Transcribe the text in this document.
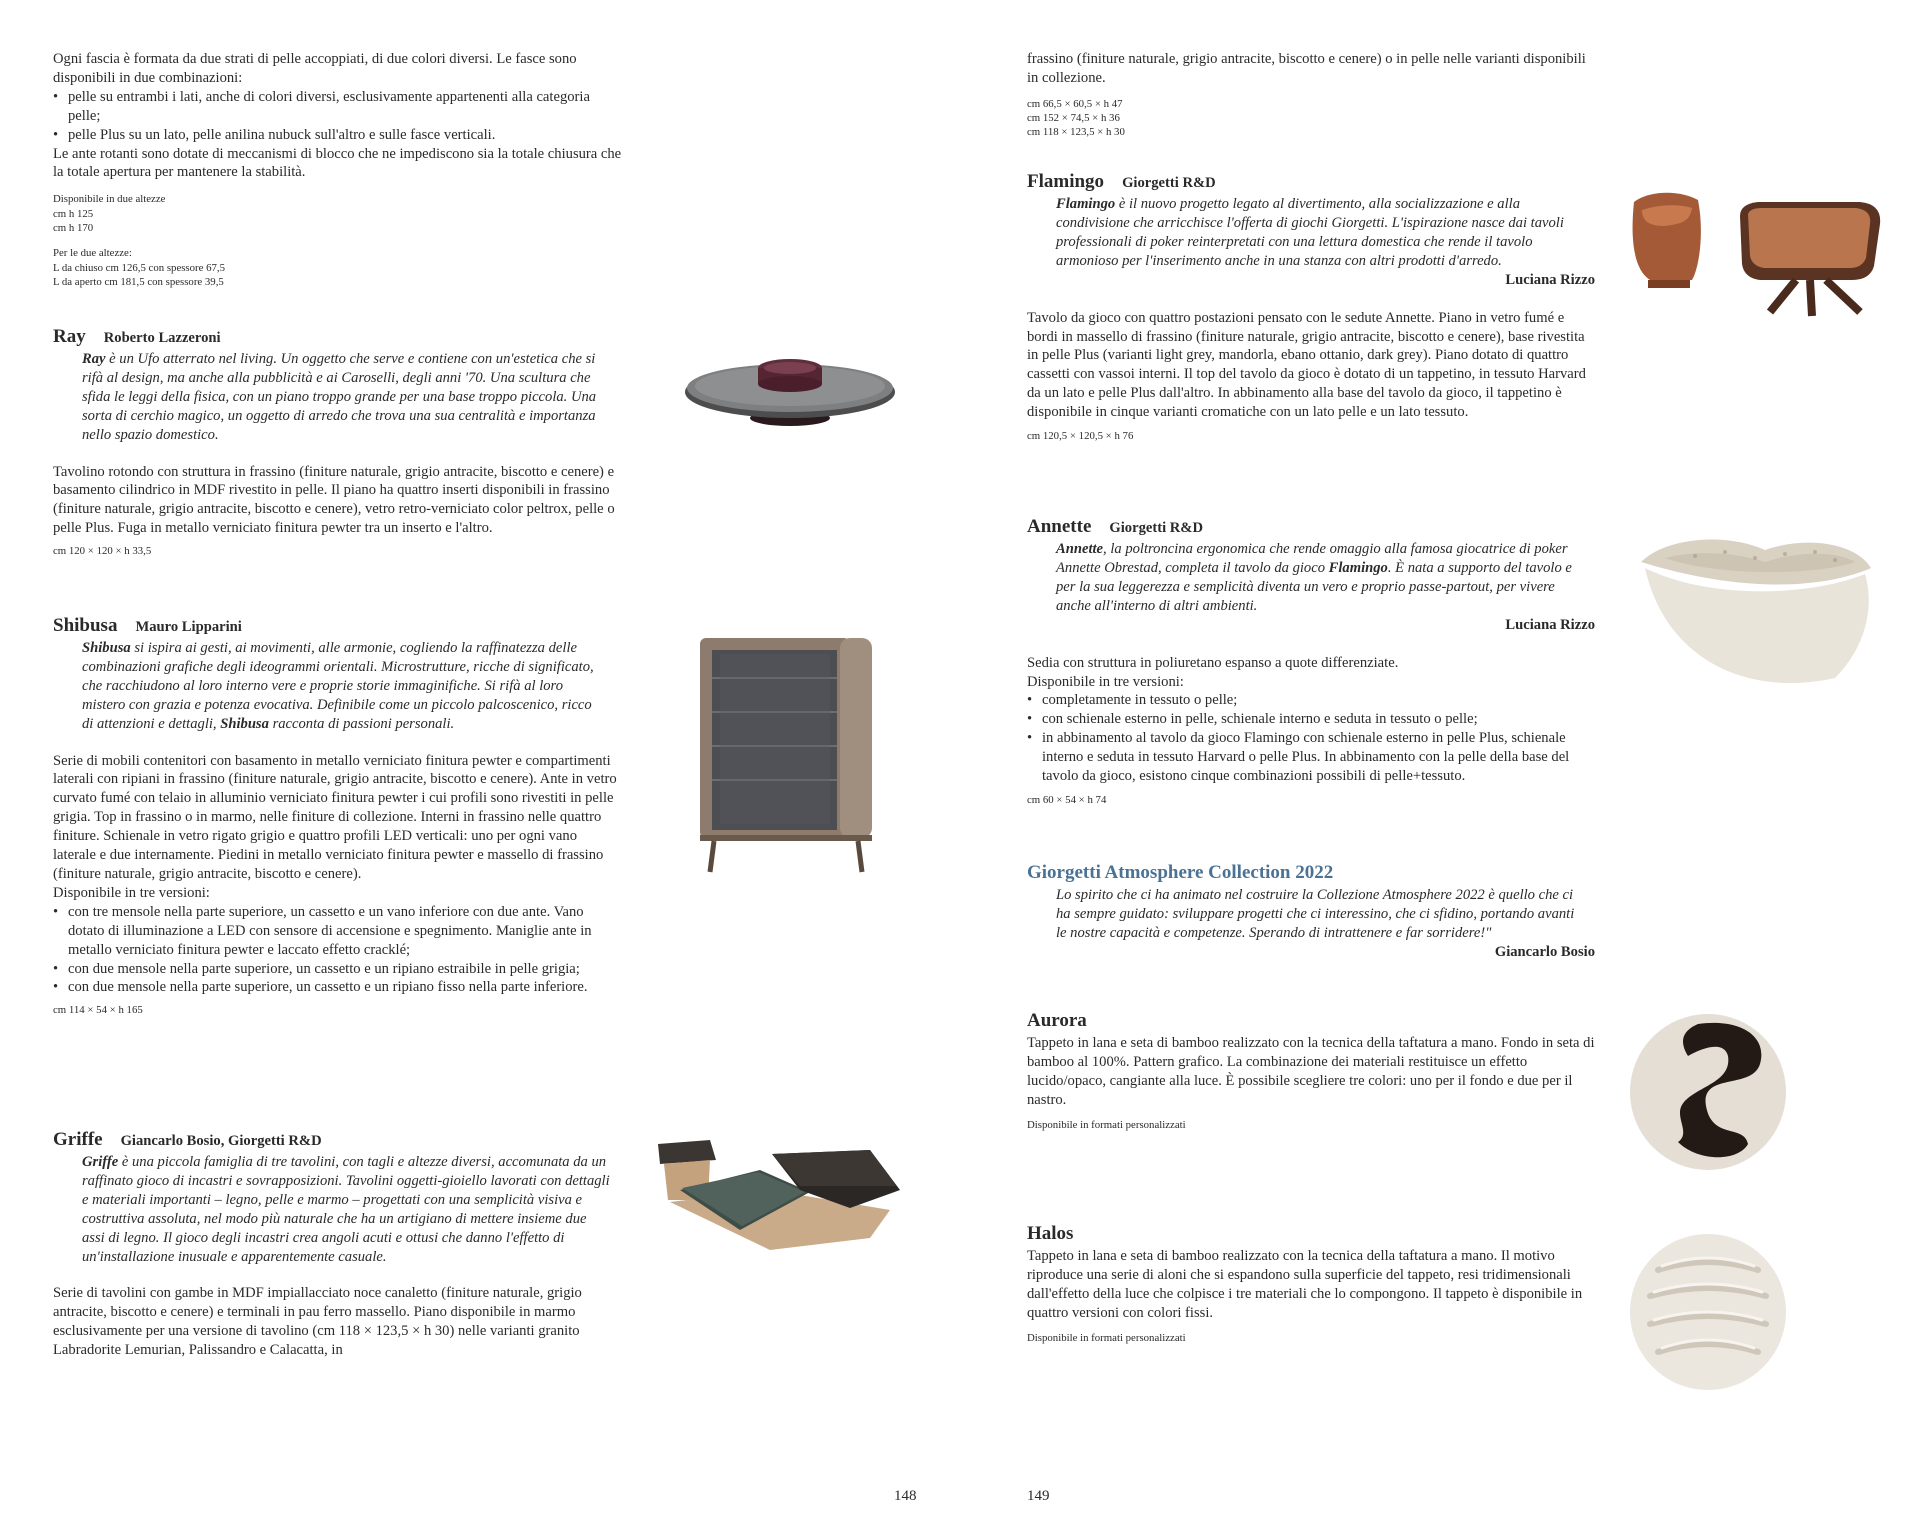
Ogni fascia è formata da due strati di pelle accoppiati, di due colori diversi. Le fasce sono disponibili in due combinazioni:

• pelle su entrambi i lati, anche di colori diversi, esclusivamente appartenenti alla categoria pelle;
• pelle Plus su un lato, pelle anilina nubuck sull'altro e sulle fasce verticali.

Le ante rotanti sono dotate di meccanismi di blocco che ne impediscono sia la totale chiusura che la totale apertura per mantenere la stabilità.

Disponibile in due altezze
cm h 125
cm h 170
Per le due altezze:
L da chiuso cm 126,5 con spessore 67,5
L da aperto cm 181,5 con spessore 39,5
Ray Roberto Lazzeroni

Ray è un Ufo atterrato nel living. Un oggetto che serve e contiene con un'estetica che si rifà al design, ma anche alla pubblicità e ai Caroselli, degli anni '70. Una scultura che sfida le leggi della fisica, con un piano troppo grande per una base troppo piccola. Una sorta di cerchio magico, un oggetto di arredo che trova una sua centralità e importanza nello spazio domestico.

Tavolino rotondo con struttura in frassino (finiture naturale, grigio antracite, biscotto e cenere) e basamento cilindrico in MDF rivestito in pelle. Il piano ha quattro inserti disponibili in frassino (finiture naturale, grigio antracite, biscotto e cenere), vetro retro-verniciato color peltrox, pelle o pelle Plus. Fuga in metallo verniciato finitura pewter tra un inserto e l'altro.

cm 120 × 120 × h 33,5
Shibusa Mauro Lipparini

Shibusa si ispira ai gesti, ai movimenti, alle armonie, cogliendo la raffinatezza delle combinazioni grafiche degli ideogrammi orientali. Microstrutture, ricche di significato, che racchiudono al loro interno vere e proprie storie immaginifiche. Si rifà al loro mistero con grazia e potenza evocativa. Definibile come un piccolo palcoscenico, ricco di attenzioni e dettagli, Shibusa racconta di passioni personali.

Serie di mobili contenitori con basamento in metallo verniciato finitura pewter e compartimenti laterali con ripiani in frassino (finiture naturale, grigio antracite, biscotto e cenere). Ante in vetro curvato fumé con telaio in alluminio verniciato finitura pewter i cui profili sono rivestiti in pelle grigia. Top in frassino o in marmo, nelle finiture di collezione. Interni in frassino nelle quattro finiture. Schienale in vetro rigato grigio e quattro profili LED verticali: uno per ogni vano laterale e due internamente. Piedini in metallo verniciato finitura pewter e massello di frassino (finiture naturale, grigio antracite, biscotto e cenere).

Disponibile in tre versioni:

• con tre mensole nella parte superiore, un cassetto e un vano inferiore con due ante. Vano dotato di illuminazione a LED con sensore di accensione e spegnimento. Maniglie ante in metallo verniciato finitura pewter e laccato effetto cracklé;
• con due mensole nella parte superiore, un cassetto e un ripiano estraibile in pelle grigia;
• con due mensole nella parte superiore, un cassetto e un ripiano fisso nella parte inferiore.
cm 114 × 54 × h 165
Griffe Giancarlo Bosio, Giorgetti R&D

Griffe è una piccola famiglia di tre tavolini, con tagli e altezze diversi, accomunata da un raffinato gioco di incastri e sovrapposizioni. Tavolini oggetti-gioiello lavorati con dettagli e materiali importanti – legno, pelle e marmo – progettati con una semplicità visiva e costruttiva assoluta, nel modo più naturale che ha un artigiano di mettere insieme due assi di legno. Il gioco degli incastri crea angoli acuti e ottusi che danno l'effetto di un'installazione inusuale e apparentemente casuale.

Serie di tavolini con gambe in MDF impiallacciato noce canaletto (finiture naturale, grigio antracite, biscotto e cenere) e terminali in pau ferro massello. Piano disponibile in marmo esclusivamente per una versione di tavolino (cm 118 × 123,5 × h 30) nelle varianti granito Labradorite Lemurian, Palissandro e Calacatta, in

148

frassino (finiture naturale, grigio antracite, biscotto e cenere) o in pelle nelle varianti disponibili in collezione.

cm 66,5 × 60,5 × h 47
cm 152 × 74,5 × h 36
cm 118 × 123,5 × h 30
Flamingo Giorgetti R&D

Flamingo è il nuovo progetto legato al divertimento, alla socializzazione e alla condivisione che arricchisce l'offerta di giochi Giorgetti. L'ispirazione nasce dai tavoli professionali di poker reinterpretati con una lettura domestica che rende il tavolo armonioso per l'inserimento anche in una stanza con altri prodotti d'arredo.

Luciana Rizzo

Tavolo da gioco con quattro postazioni pensato con le sedute Annette. Piano in vetro fumé e bordi in massello di frassino (finiture naturale, grigio antracite, biscotto e cenere), base rivestita in pelle Plus (varianti light grey, mandorla, ebano ottanio, dark grey). Piano dotato di quattro cassetti con vassoi interni. Il top del tavolo da gioco è dotato di un tappetino, in tessuto Harvard da un lato e pelle Plus dall'altro. In abbinamento alla base del tavolo da gioco, il tappetino è disponibile in cinque varianti cromatiche con un lato pelle e un lato tessuto.

cm 120,5 × 120,5 × h 76
Annette Giorgetti R&D

Annette, la poltroncina ergonomica che rende omaggio alla famosa giocatrice di poker Annette Obrestad, completa il tavolo da gioco Flamingo. È nata a supporto del tavolo e per la sua leggerezza e semplicità diventa un vero e proprio passe-partout, per vivere anche all'interno di altri ambienti.

Luciana Rizzo

Sedia con struttura in poliuretano espanso a quote differenziate.

Disponibile in tre versioni:

• completamente in tessuto o pelle;
• con schienale esterno in pelle, schienale interno e seduta in tessuto o pelle;
• in abbinamento al tavolo da gioco Flamingo con schienale esterno in pelle Plus, schienale interno e seduta in tessuto Harvard o pelle Plus. In abbinamento con la pelle della base del tavolo da gioco, esistono cinque combinazioni possibili di pelle+tessuto.
cm 60 × 54 × h 74
Giorgetti Atmosphere Collection 2022

Lo spirito che ci ha animato nel costruire la Collezione Atmosphere 2022 è quello che ci ha sempre guidato: sviluppare progetti che ci interessino, che ci sfidino, portando avanti le nostre capacità e competenze. Sperando di intrattenere e far sorridere!"

Giancarlo Bosio
Aurora

Tappeto in lana e seta di bamboo realizzato con la tecnica della taftatura a mano. Fondo in seta di bamboo al 100%. Pattern grafico. La combinazione dei materiali restituisce un effetto lucido/opaco, cangiante alla luce. È possibile scegliere tre colori: uno per il fondo e due per il nastro.

Disponibile in formati personalizzati
Halos

Tappeto in lana e seta di bamboo realizzato con la tecnica della taftatura a mano. Il motivo riproduce una serie di aloni che si espandono sulla superficie del tappeto, resi tridimensionali dall'effetto della luce che colpisce i tre materiali che lo compongono. Il tappeto è disponibile in quattro versioni con colori fissi.

Disponibile in formati personalizzati
149
